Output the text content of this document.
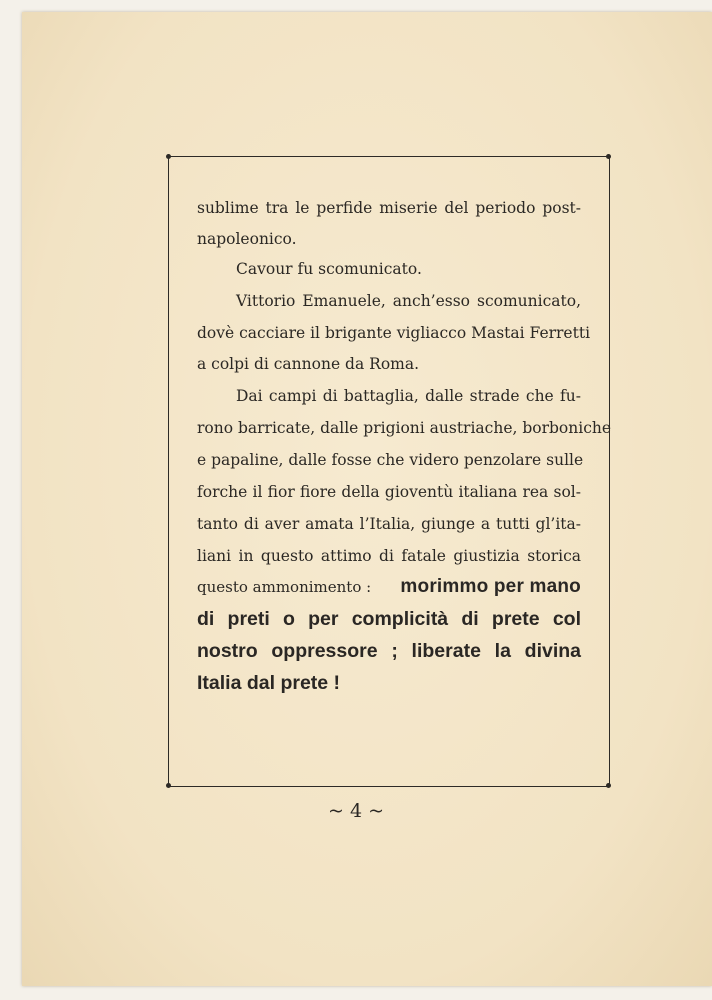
sublime tra le perfide miserie del periodo post-
napoleonico.
Cavour fu scomunicato.
Vittorio Emanuele, anch’esso scomunicato,
dovè cacciare il brigante vigliacco Mastai Ferretti
a colpi di cannone da Roma.
Dai campi di battaglia, dalle strade che fu-
rono barricate, dalle prigioni austriache, borboniche
e papaline, dalle fosse che videro penzolare sulle
forche il fior fiore della gioventù italiana rea sol-
tanto di aver amata l’Italia, giunge a tutti gl’ita-
liani in questo attimo di fatale giustizia storica
questo ammonimento : morimmo per mano
di preti o per complicità di prete col
nostro oppressore ; liberate la divina
Italia dal prete !
~ 4 ~
